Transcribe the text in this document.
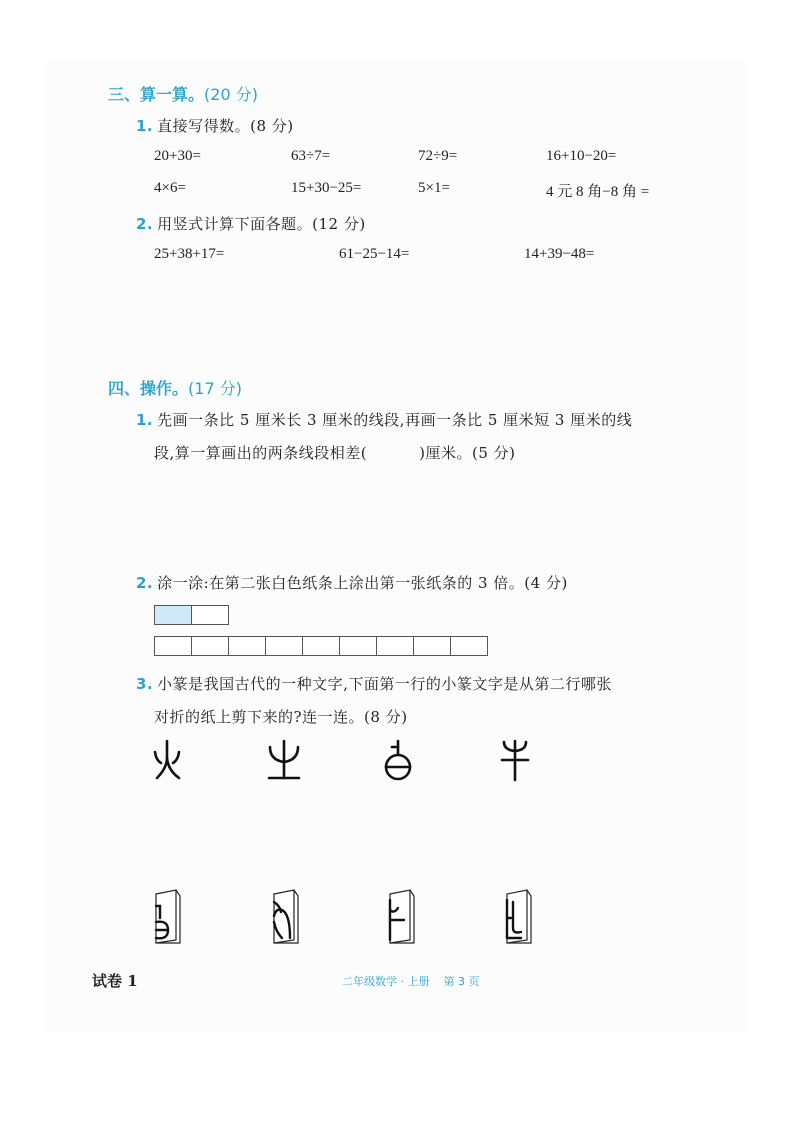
三、算一算。(20 分)
1. 直接写得数。(8 分)
20+30=	63÷7=	72÷9=	16+10−20=
4×6=	15+30−25=	5×1=	4 元 8 角−8 角 =
2. 用竖式计算下面各题。(12 分)
25+38+17=	61−25−14=	14+39−48=
四、操作。(17 分)
1. 先画一条比 5 厘米长 3 厘米的线段,再画一条比 5 厘米短 3 厘米的线
段,算一算画出的两条线段相差(	)厘米。(5 分)
2. 涂一涂:在第二张白色纸条上涂出第一张纸条的 3 倍。(4 分)
3. 小篆是我国古代的一种文字,下面第一行的小篆文字是从第二行哪张
对折的纸上剪下来的?连一连。(8 分)
试卷 1	二年级数学 · 上册    第 3 页
